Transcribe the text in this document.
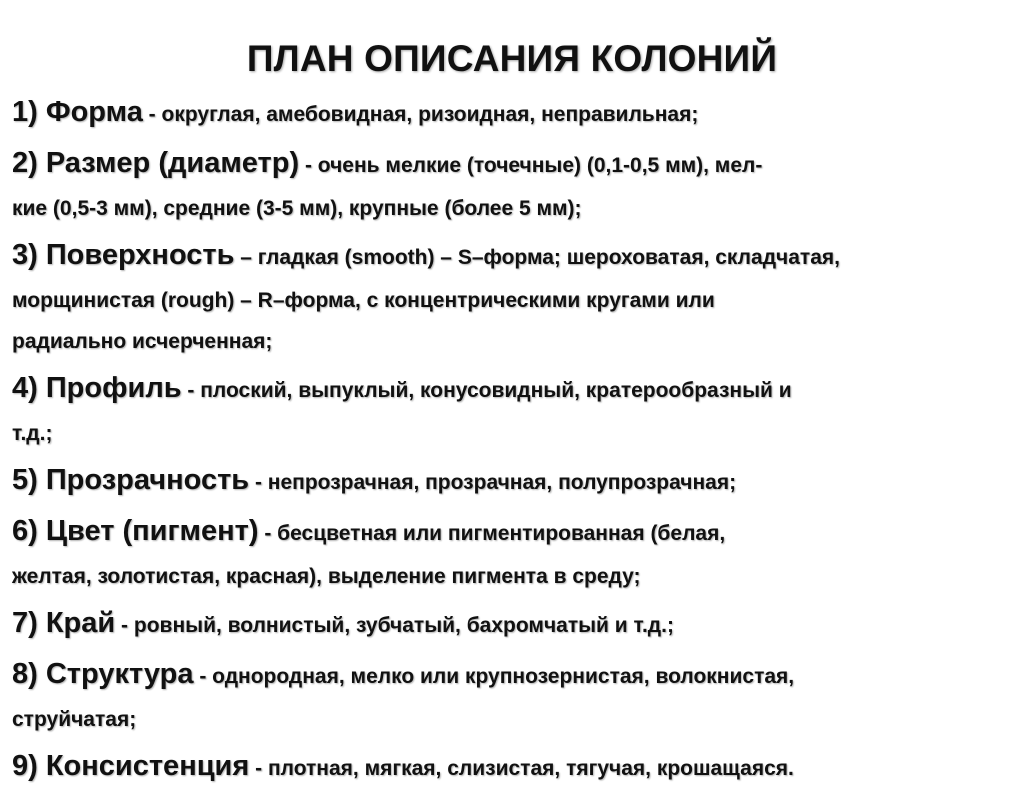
ПЛАН ОПИСАНИЯ КОЛОНИЙ
1) Форма - округлая, амебовидная, ризоидная, неправильная;
2) Размер (диаметр) - очень мелкие (точечные) (0,1-0,5 мм), мел-
кие (0,5-3 мм), средние (3-5 мм), крупные (более 5 мм);
3) Поверхность – гладкая (smooth) – S–форма; шероховатая, складчатая,
морщинистая (rough) – R–форма, с концентрическими кругами или
радиально исчерченная;
4) Профиль - плоский, выпуклый, конусовидный, кратерообразный и
т.д.;
5) Прозрачность - непрозрачная, прозрачная, полупрозрачная;
6) Цвет (пигмент) - бесцветная или пигментированная (белая,
желтая, золотистая, красная), выделение пигмента в среду;
7) Край - ровный, волнистый, зубчатый, бахромчатый и т.д.;
8) Структура - однородная, мелко или крупнозернистая, волокнистая,
струйчатая;
9) Консистенция - плотная, мягкая, слизистая, тягучая, крошащаяся.
